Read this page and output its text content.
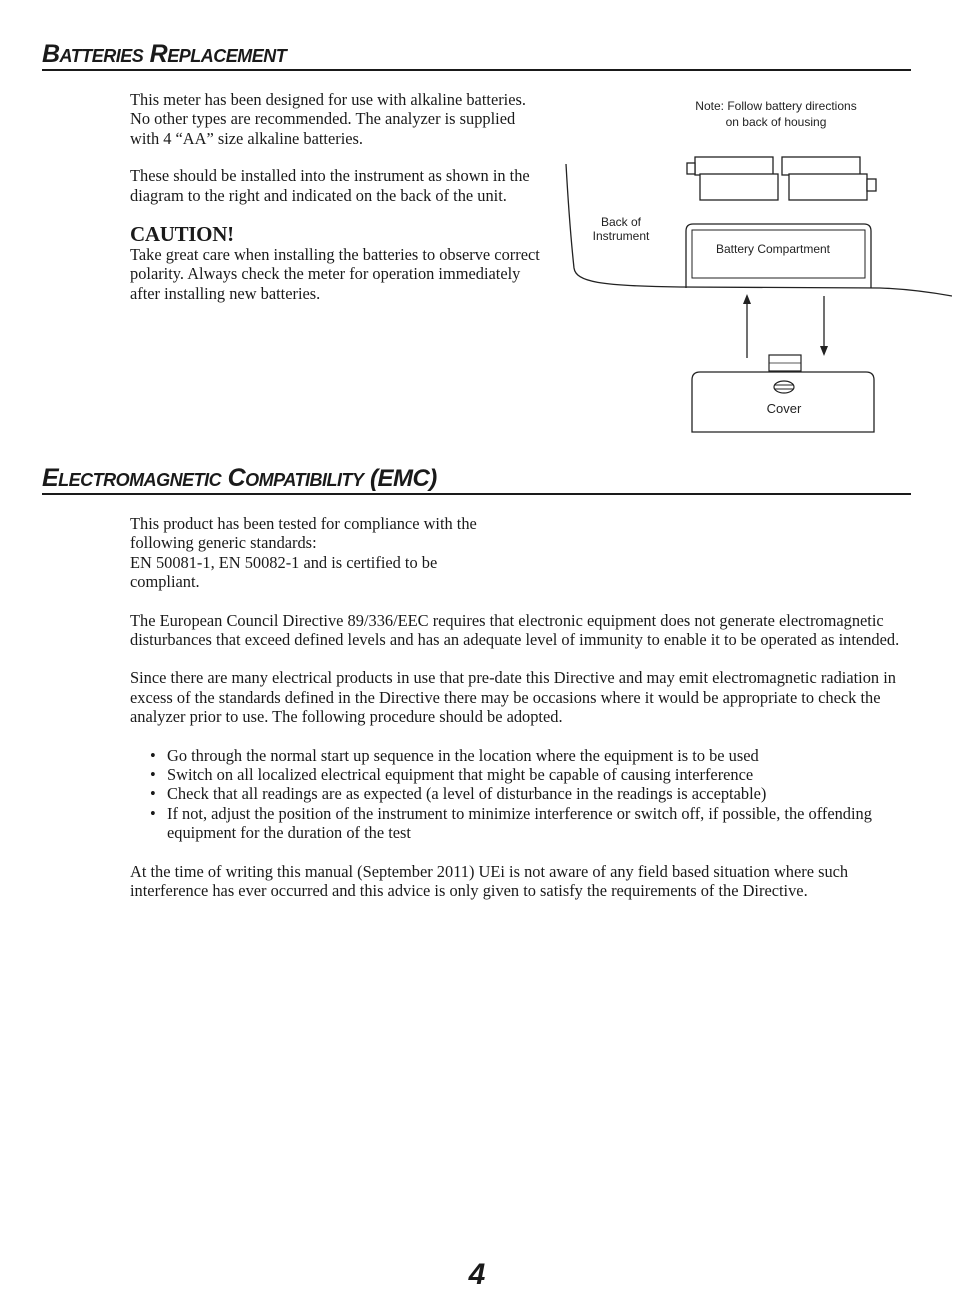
Batteries Replacement

This meter has been designed for use with alkaline batteries. No other types are recommended. The analyzer is supplied with 4 “AA” size alkaline batteries.

These should be installed into the instrument as shown in the diagram to the right and indicated on the back of the unit.

CAUTION!

Take great care when installing the batteries to observe correct polarity. Always check the meter for operation immediately after installing new batteries.

Note: Follow battery directions
on back of housing
Back of
Instrument
Battery Compartment
Cover
Electromagnetic Compatibility (EMC)
This product has been tested for compliance with the
following generic standards:
EN 50081-1, EN 50082-1 and is certified to be
compliant.

The European Council Directive 89/336/EEC requires that electronic equipment does not generate electromagnetic disturbances that exceed defined levels and has an adequate level of immunity to enable it to be operated as intended.

Since there are many electrical products in use that pre-date this Directive and may emit electromagnetic radiation in excess of the standards defined in the Directive there may be occasions where it would be appropriate to check the analyzer prior to use. The following procedure should be adopted.

• Go through the normal start up sequence in the location where the equipment is to be used
• Switch on all localized electrical equipment that might be capable of causing interference
• Check that all readings are as expected (a level of disturbance in the readings is acceptable)
• If not, adjust the position of the instrument to minimize interference or switch off, if possible, the offending equipment for the duration of the test

At the time of writing this manual (September 2011) UEi is not aware of any field based situation where such interference has ever occurred and this advice is only given to satisfy the requirements of the Directive.

4
